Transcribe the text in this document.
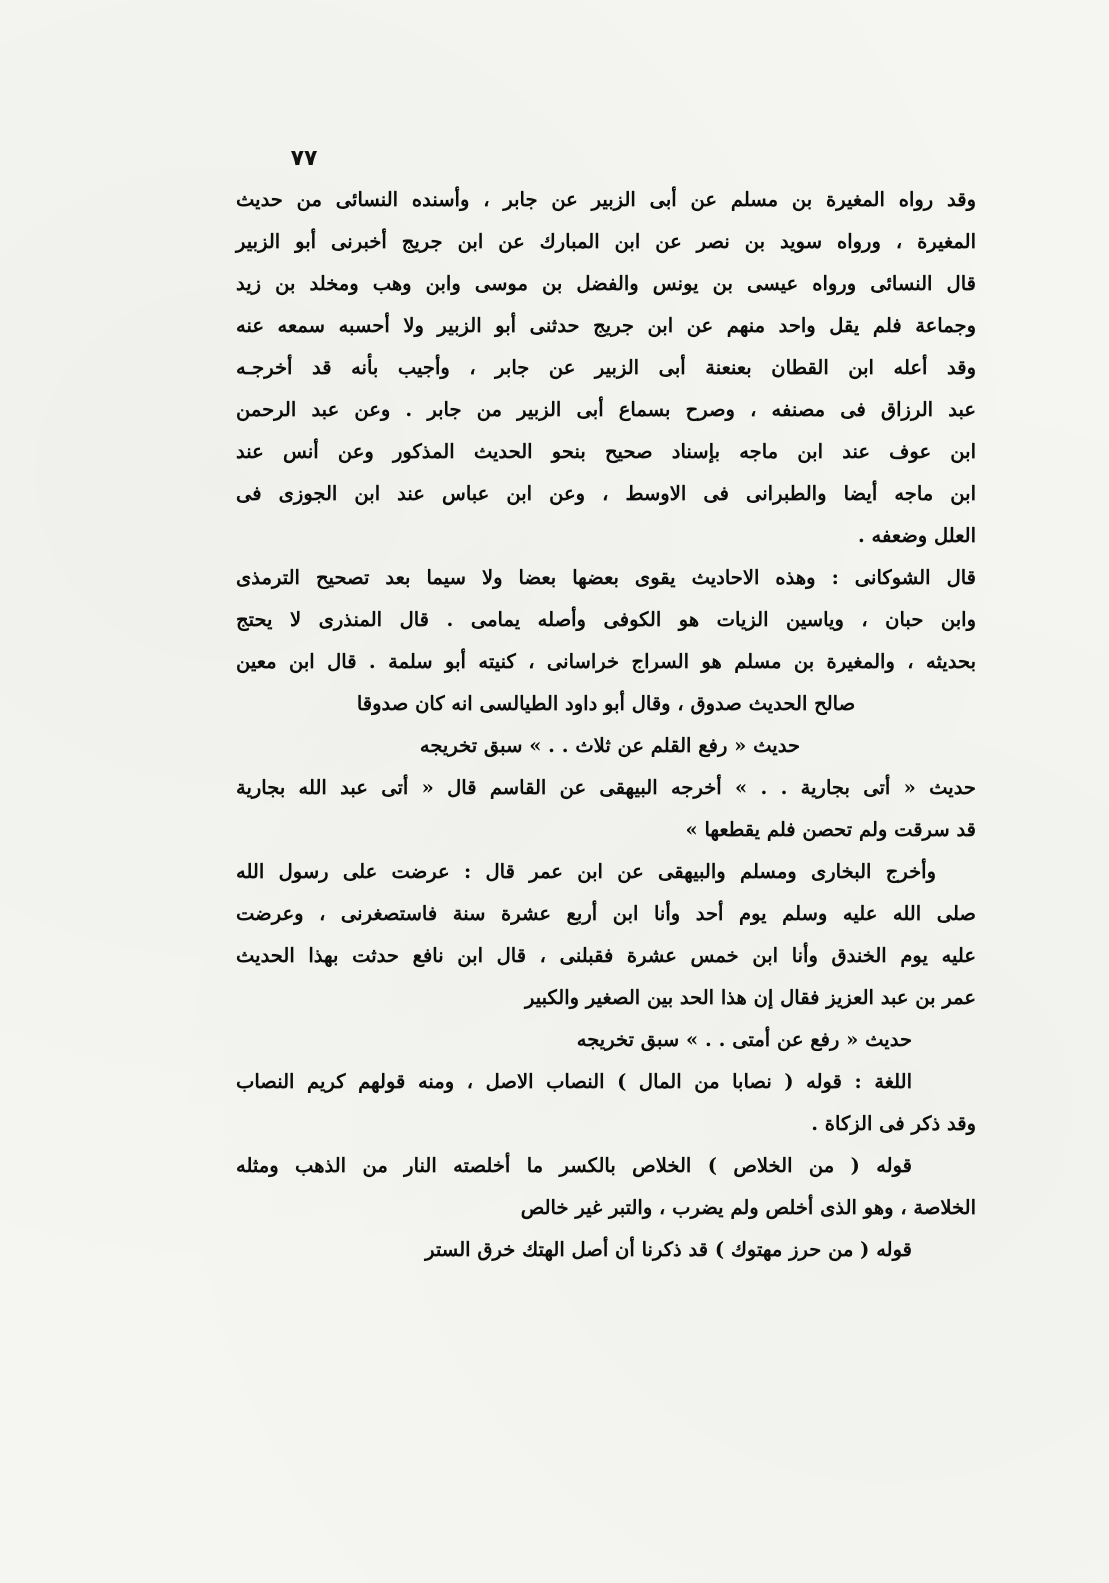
٧٧
وقد رواه المغيرة بن مسلم عن أبى الزبير عن جابر ، وأسنده النسائى من حديث
المغيرة ، ورواه سويد بن نصر عن ابن المبارك عن ابن جريج أخبرنى أبو الزبير
قال النسائى ورواه عيسى بن يونس والفضل بن موسى وابن وهب ومخلد بن زيد
وجماعة فلم يقل واحد منهم عن ابن جريج حدثنى أبو الزبير ولا أحسبه سمعه عنه
وقد أعله ابن القطان بعنعنة أبى الزبير عن جابر ، وأجيب بأنه قد أخرجـه
عبد الرزاق فى مصنفه ، وصرح بسماع أبى الزبير من جابر . وعن عبد الرحمن
ابن عوف عند ابن ماجه بإسناد صحيح بنحو الحديث المذكور وعن أنس عند
ابن ماجه أيضا والطبرانى فى الاوسط ، وعن ابن عباس عند ابن الجوزى فى
العلل وضعفه .
قال الشوكانى : وهذه الاحاديث يقوى بعضها بعضا ولا سيما بعد تصحيح الترمذى
وابن حبان ، وياسين الزيات هو الكوفى وأصله يمامى . قال المنذرى لا يحتج
بحديثه ، والمغيرة بن مسلم هو السراج خراسانى ، كنيته أبو سلمة . قال ابن معين
صالح الحديث صدوق ، وقال أبو داود الطيالسى انه كان صدوقا
حديث « رفع القلم عن ثلاث . . » سبق تخريجه
حديث « أتى بجارية . . » أخرجه البيهقى عن القاسم قال « أتى عبد الله بجارية
قد سرقت ولم تحصن فلم يقطعها »
وأخرج البخارى ومسلم والبيهقى عن ابن عمر قال : عرضت على رسول الله
صلى الله عليه وسلم يوم أحد وأنا ابن أربع عشرة سنة فاستصغرنى ، وعرضت
عليه يوم الخندق وأنا ابن خمس عشرة فقبلنى ، قال ابن نافع حدثت بهذا الحديث
عمر بن عبد العزيز فقال إن هذا الحد بين الصغير والكبير
حديث « رفع عن أمتى . . » سبق تخريجه
اللغة : قوله ( نصابا من المال ) النصاب الاصل ، ومنه قولهم كريم النصاب
وقد ذكر فى الزكاة .
قوله ( من الخلاص ) الخلاص بالكسر ما أخلصته النار من الذهب ومثله
الخلاصة ، وهو الذى أخلص ولم يضرب ، والتبر غير خالص
قوله ( من حرز مهتوك ) قد ذكرنا أن أصل الهتك خرق الستر
